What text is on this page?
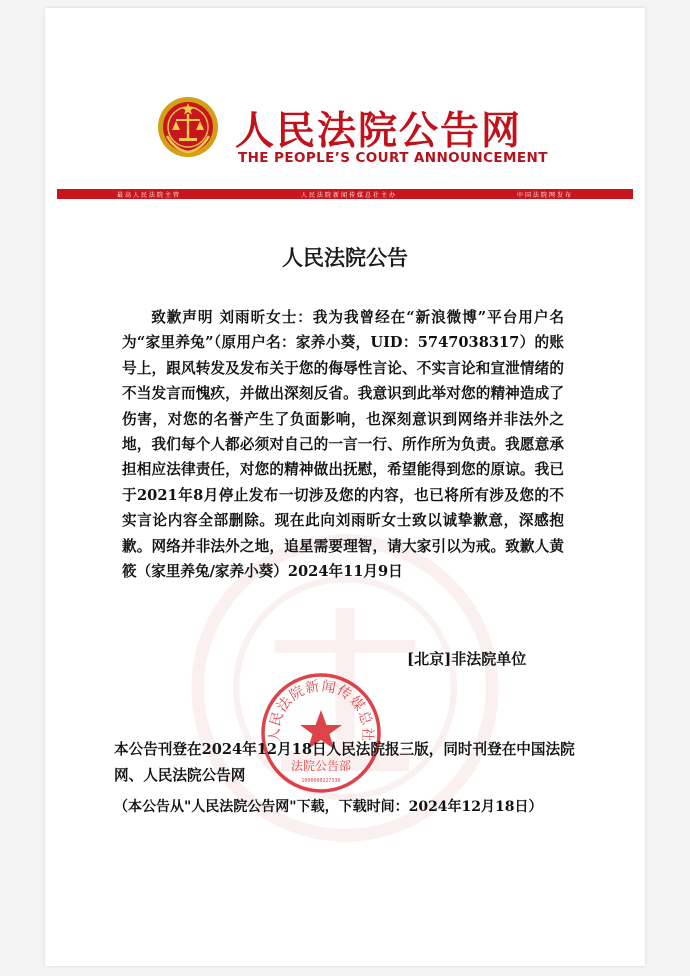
人民法院公告网
THE PEOPLE’S COURT ANNOUNCEMENT
最高人民法院主管	人民法院新闻传媒总社主办	中国法院网发布
人民法院公告
致歉声明 刘雨昕女士：我为我曾经在“新浪微博”平台用户名为“家里养兔”（原用户名：家养小葵，UID：5747038317）的账号上，跟风转发及发布关于您的侮辱性言论、不实言论和宣泄情绪的不当发言而愧疚，并做出深刻反省。我意识到此举对您的精神造成了伤害，对您的名誉产生了负面影响，也深刻意识到网络并非法外之地，我们每个人都必须对自己的一言一行、所作所为负责。我愿意承担相应法律责任，对您的精神做出抚慰，希望能得到您的原谅。我已于2021年8月停止发布一切涉及您的内容，也已将所有涉及您的不实言论内容全部删除。现在此向刘雨昕女士致以诚挚歉意，深感抱歉。网络并非法外之地，追星需要理智，请大家引以为戒。致歉人黄筱（家里养兔/家养小葵）2024年11月9日
[北京]非法院单位
人民法院新闻传媒总社
法院公告部
1000000227330
本公告刊登在2024年12月18日人民法院报三版，同时刊登在中国法院网、人民法院公告网
（本公告从"人民法院公告网"下载，下载时间：2024年12月18日）
